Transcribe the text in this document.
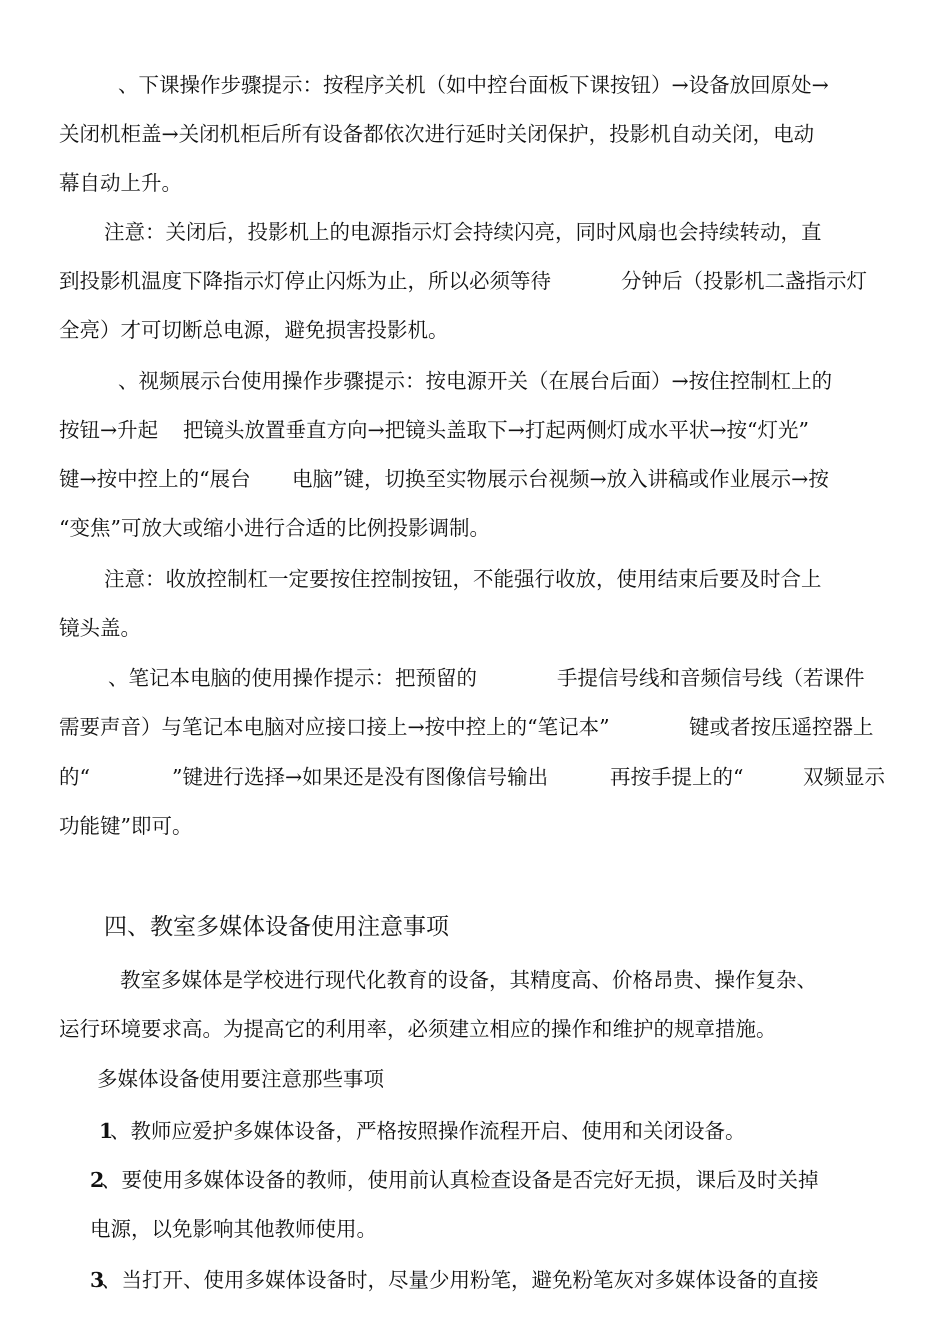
、下课操作步骤提示：按程序关机（如中控台面板下课按钮）→设备放回原处→
关闭机柜盖→关闭机柜后所有设备都依次进行延时关闭保护，投影机自动关闭，电动
幕自动上升。
注意：关闭后，投影机上的电源指示灯会持续闪亮，同时风扇也会持续转动，直
到投影机温度下降指示灯停止闪烁为止，所以必须等待	分钟后（投影机二盏指示灯
全亮）才可切断总电源，避免损害投影机。
、视频展示台使用操作步骤提示：按电源开关（在展台后面）→按住控制杠上的
按钮→升起 把镜头放置垂直方向→把镜头盖取下→打起两侧灯成水平状→按“灯光”
键→按中控上的“展台 电脑”键，切换至实物展示台视频→放入讲稿或作业展示→按
“变焦”可放大或缩小进行合适的比例投影调制。
注意：收放控制杠一定要按住控制按钮，不能强行收放，使用结束后要及时合上
镜头盖。
、笔记本电脑的使用操作提示：把预留的	手提信号线和音频信号线（若课件
需要声音）与笔记本电脑对应接口接上→按中控上的“笔记本”	键或者按压遥控器上
的“	”键进行选择→如果还是没有图像信号输出	再按手提上的“	双频显示
功能键”即可。
四、教室多媒体设备使用注意事项
教室多媒体是学校进行现代化教育的设备，其精度高、价格昂贵、操作复杂、
运行环境要求高。为提高它的利用率，必须建立相应的操作和维护的规章措施。
多媒体设备使用要注意那些事项
1
、教师应爱护多媒体设备，严格按照操作流程开启、使用和关闭设备。
2
、要使用多媒体设备的教师，使用前认真检查设备是否完好无损，课后及时关掉
电源，以免影响其他教师使用。
3
、当打开、使用多媒体设备时，尽量少用粉笔，避免粉笔灰对多媒体设备的直接
